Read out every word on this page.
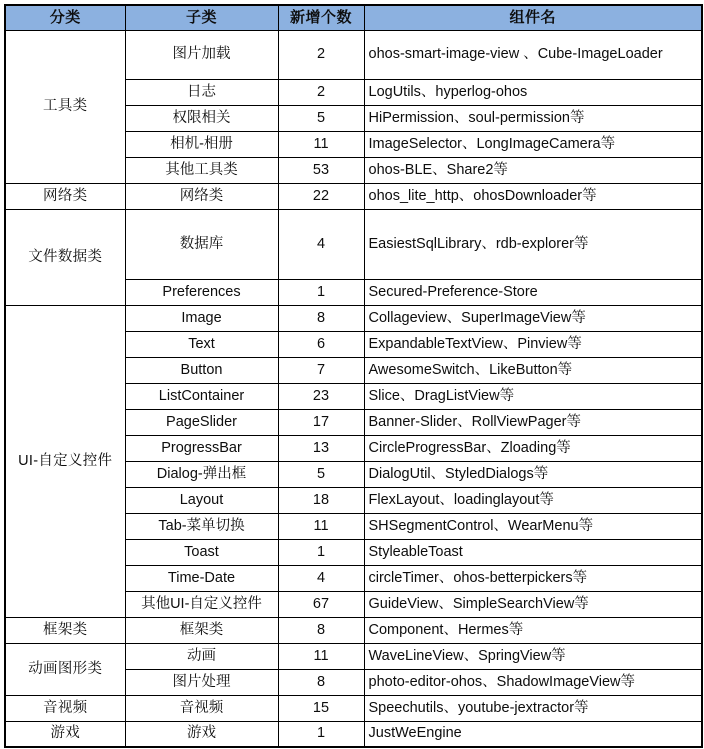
分类	子类	新增个数	组件名
工具类	图片加载	2	ohos-smart-image-view 、Cube-ImageLoader
	日志	2	LogUtils、hyperlog-ohos
	权限相关	5	HiPermission、soul-permission等
	相机-相册	11	ImageSelector、LongImageCamera等
	其他工具类	53	ohos-BLE、Share2等
网络类	网络类	22	ohos_lite_http、ohosDownloader等
文件数据类	数据库	4	EasiestSqlLibrary、rdb-explorer等
	Preferences	1	Secured-Preference-Store
UI-自定义控件	Image	8	Collageview、SuperImageView等
	Text	6	ExpandableTextView、Pinview等
	Button	7	AwesomeSwitch、LikeButton等
	ListContainer	23	Slice、DragListView等
	PageSlider	17	Banner-Slider、RollViewPager等
	ProgressBar	13	CircleProgressBar、Zloading等
	Dialog-弹出框	5	DialogUtil、StyledDialogs等
	Layout	18	FlexLayout、loadinglayout等
	Tab-菜单切换	11	SHSegmentControl、WearMenu等
	Toast	1	StyleableToast
	Time-Date	4	circleTimer、ohos-betterpickers等
	其他UI-自定义控件	67	GuideView、SimpleSearchView等
框架类	框架类	8	Component、Hermes等
动画图形类	动画	11	WaveLineView、SpringView等
	图片处理	8	photo-editor-ohos、ShadowImageView等
音视频	音视频	15	Speechutils、youtube-jextractor等
游戏	游戏	1	JustWeEngine
